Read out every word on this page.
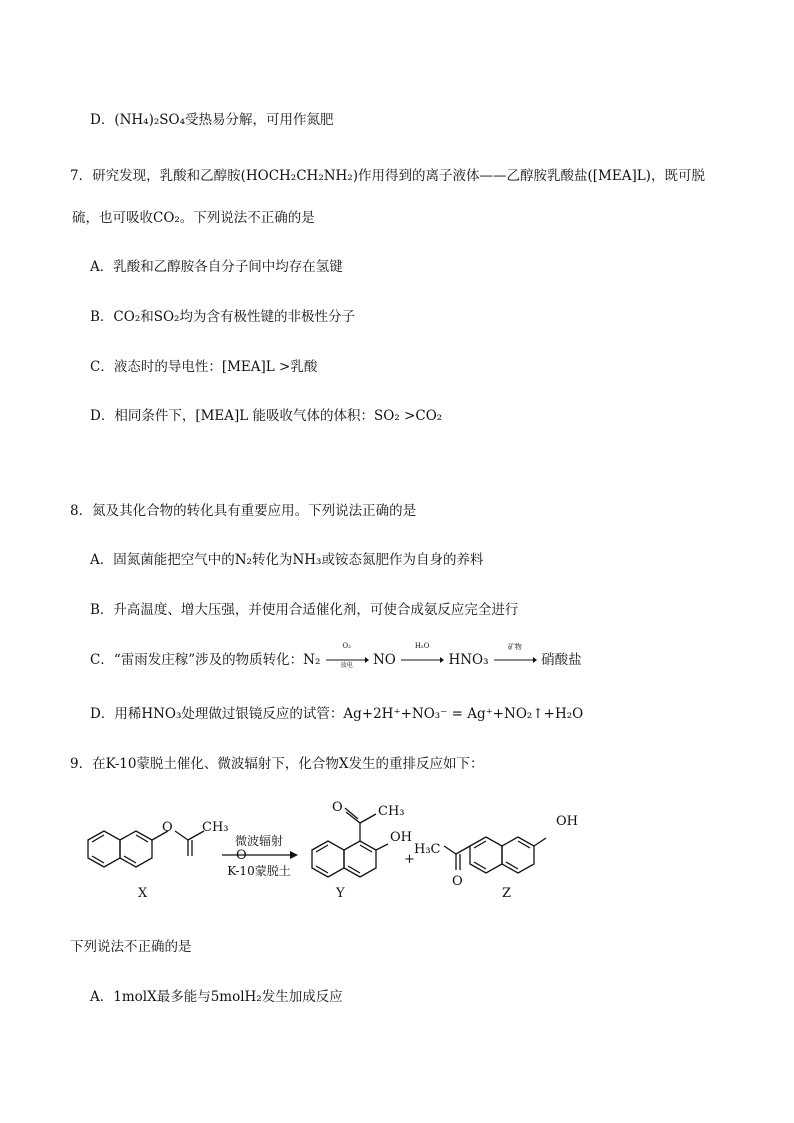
D．(NH₄)₂SO₄受热易分解，可用作氮肥
7．研究发现，乳酸和乙醇胺(HOCH₂CH₂NH₂)作用得到的离子液体——乙醇胺乳酸盐([MEA]L)，既可脱
硫，也可吸收CO₂。下列说法不正确的是
A．乳酸和乙醇胺各自分子间中均存在氢键
B．CO₂和SO₂均为含有极性键的非极性分子
C．液态时的导电性：[MEA]L >乳酸
D．相同条件下，[MEA]L 能吸收气体的体积：SO₂ >CO₂
8．氮及其化合物的转化具有重要应用。下列说法正确的是
A．固氮菌能把空气中的N₂转化为NH₃或铵态氮肥作为自身的养料
B．升高温度、增大压强，并使用合适催化剂，可使合成氨反应完全进行
C．“雷雨发庄稼”涉及的物质转化：N₂
O₂
放电	NO
H₂O
HNO₃
矿物
硝酸盐
D．用稀HNO₃处理做过银镜反应的试管：Ag+2H⁺+NO₃⁻ = Ag⁺+NO₂↑+H₂O
9．在K-10蒙脱土催化、微波辐射下，化合物X发生的重排反应如下：
O CH₃
O
X
微波辐射
K-10蒙脱土
O	CH₃
OH
Y
+
H₃C
O
OH
Z
下列说法不正确的是
A．1molX最多能与5molH₂发生加成反应
